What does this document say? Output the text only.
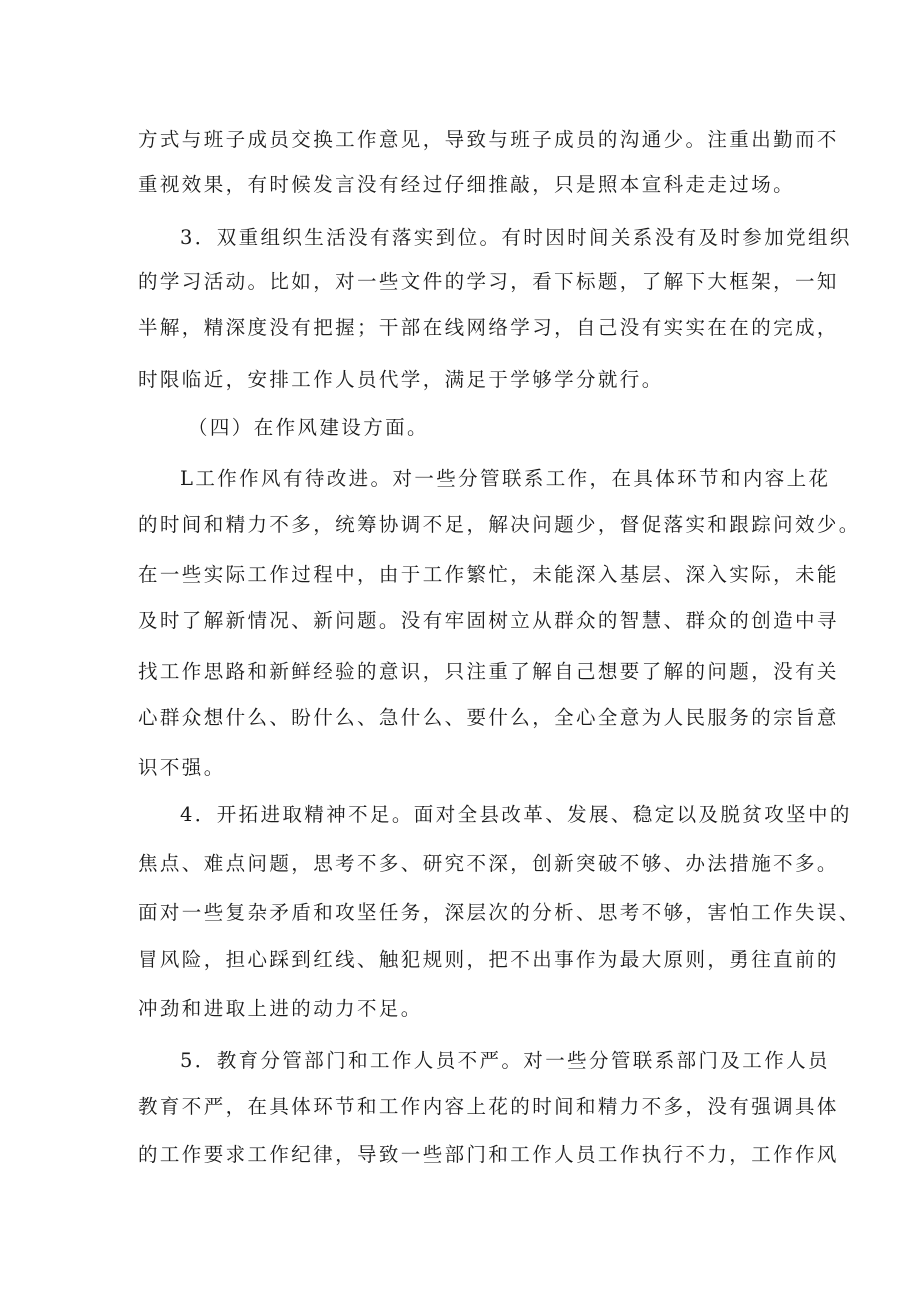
方式与班子成员交换工作意见，导致与班子成员的沟通少。注重出勤而不
重视效果，有时候发言没有经过仔细推敲，只是照本宣科走走过场。
3．双重组织生活没有落实到位。有时因时间关系没有及时参加党组织
的学习活动。比如，对一些文件的学习，看下标题，了解下大框架，一知
半解，精深度没有把握；干部在线网络学习，自己没有实实在在的完成，
时限临近，安排工作人员代学，满足于学够学分就行。
（四）在作风建设方面。
L工作作风有待改进。对一些分管联系工作，在具体环节和内容上花
的时间和精力不多，统筹协调不足，解决问题少，督促落实和跟踪问效少。
在一些实际工作过程中，由于工作繁忙，未能深入基层、深入实际，未能
及时了解新情况、新问题。没有牢固树立从群众的智慧、群众的创造中寻
找工作思路和新鲜经验的意识，只注重了解自己想要了解的问题，没有关
心群众想什么、盼什么、急什么、要什么，全心全意为人民服务的宗旨意
识不强。
4．开拓进取精神不足。面对全县改革、发展、稳定以及脱贫攻坚中的
焦点、难点问题，思考不多、研究不深，创新突破不够、办法措施不多。
面对一些复杂矛盾和攻坚任务，深层次的分析、思考不够，害怕工作失误、
冒风险，担心踩到红线、触犯规则，把不出事作为最大原则，勇往直前的
冲劲和进取上进的动力不足。
5．教育分管部门和工作人员不严。对一些分管联系部门及工作人员
教育不严，在具体环节和工作内容上花的时间和精力不多，没有强调具体
的工作要求工作纪律，导致一些部门和工作人员工作执行不力，工作作风
